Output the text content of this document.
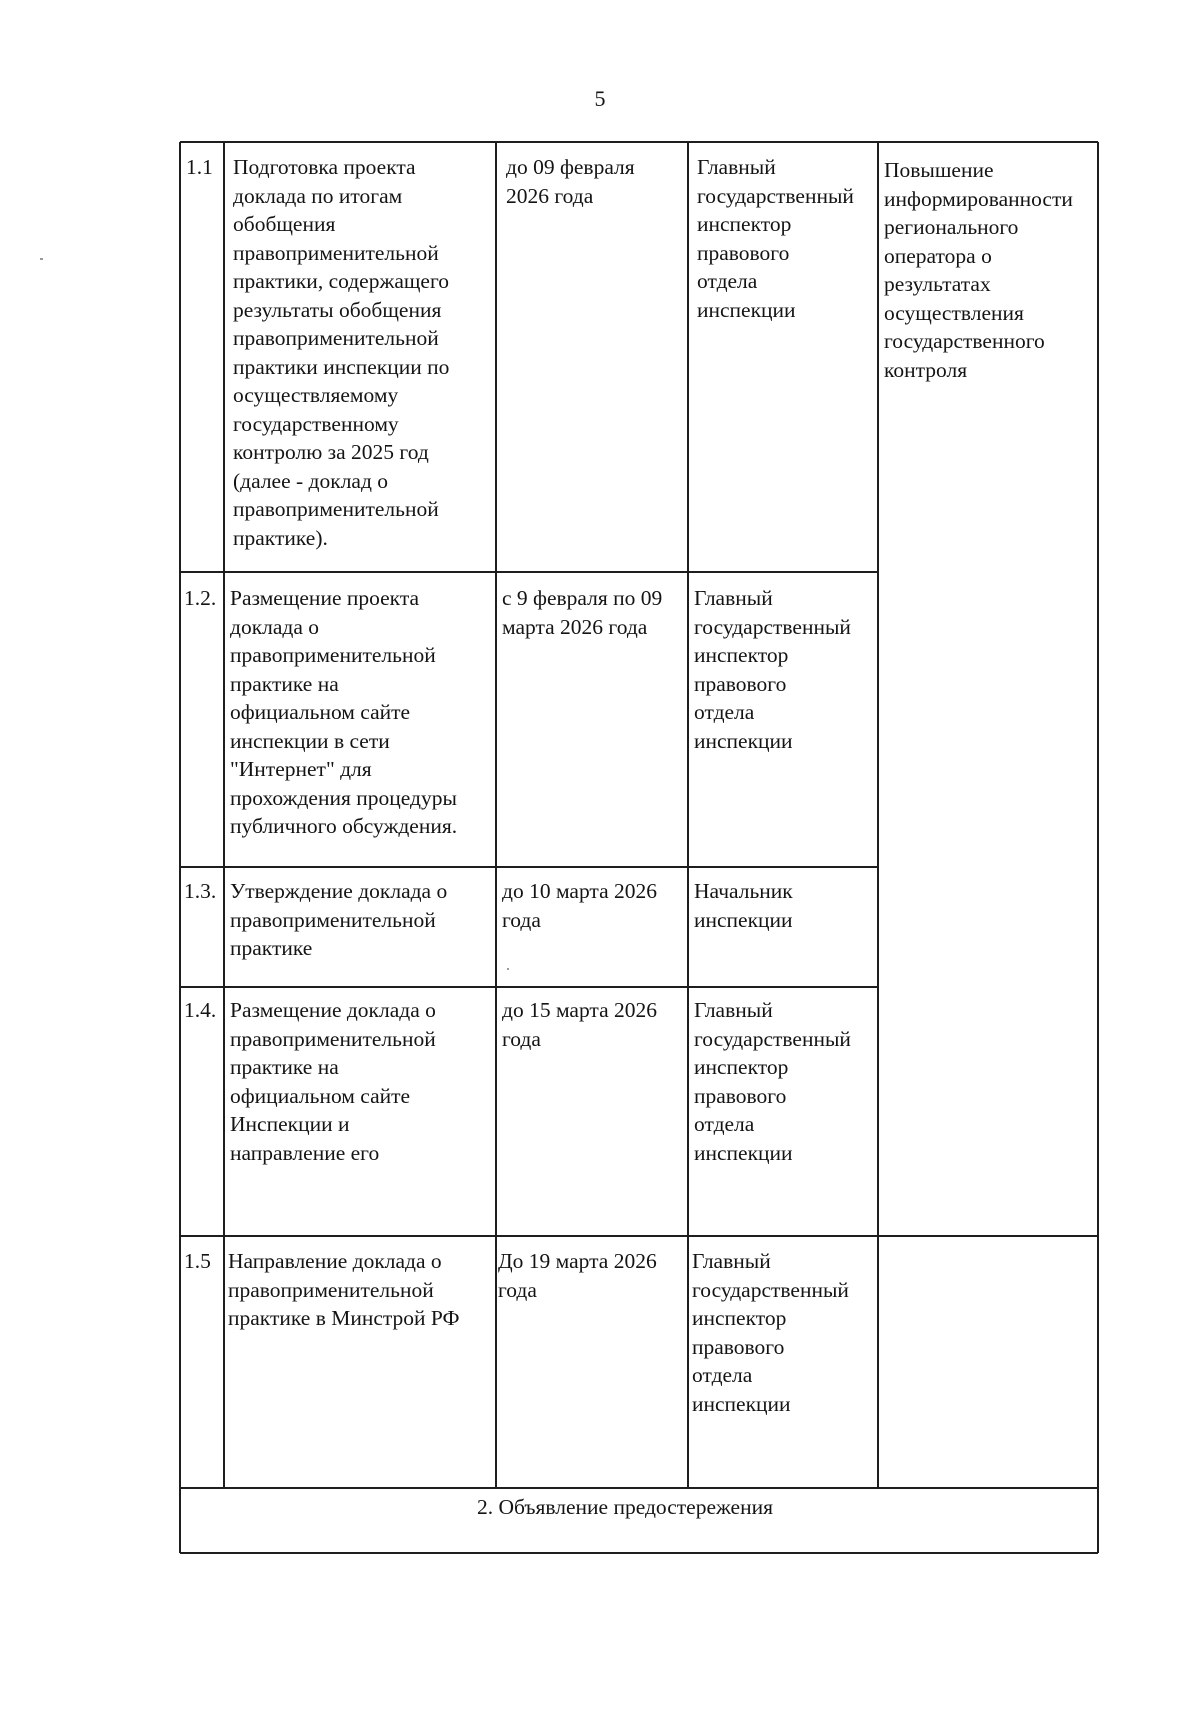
5
1.1 Подготовка проекта
доклада по итогам
обобщения
правоприменительной
практики, содержащего
результаты обобщения
правоприменительной
практики инспекции по
осуществляемому
государственному
контролю за 2025 год
(далее - доклад о
правоприменительной
практике).
до 09 февраля
2026 года
Главный
государственный
инспектор
правового
отдела
инспекции
Повышение
информированности
регионального
оператора о
результатах
осуществления
государственного
контроля
1.2. Размещение проекта
доклада о
правоприменительной
практике на
официальном сайте
инспекции в сети
"Интернет" для
прохождения процедуры
публичного обсуждения.
с 9 февраля по 09
марта 2026 года
Главный
государственный
инспектор
правового
отдела
инспекции
1.3. Утверждение доклада о
правоприменительной
практике
до 10 марта 2026
года
Начальник
инспекции
1.4. Размещение доклада о
правоприменительной
практике на
официальном сайте
Инспекции и
направление его
до 15 марта 2026
года
Главный
государственный
инспектор
правового
отдела
инспекции
1.5 Направление доклада о
правоприменительной
практике в Минстрой РФ
До 19 марта 2026
года
Главный
государственный
инспектор
правового
отдела
инспекции
2. Объявление предостережения
